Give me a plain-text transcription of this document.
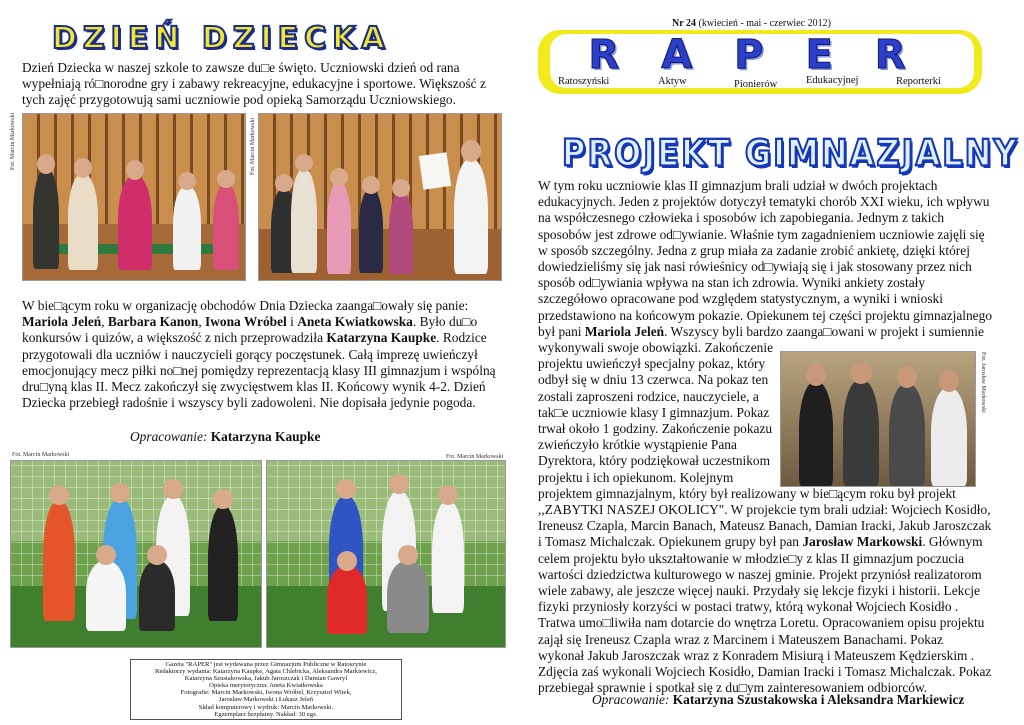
DZIEŃ DZIECKA
Dzień Dziecka w naszej szkole to zawsze du□e święto. Uczniowski dzień od rana wypełniają ró□norodne gry i zabawy rekreacyjne, edukacyjne i sportowe. Większość z tych zajęć przygotowują sami uczniowie pod opieką Samorządu Uczniowskiego.
Fot. Marcin Markowski	Fot. Marcin Markowski
W bie□ącym roku w organizację obchodów Dnia Dziecka zaanga□owały się panie: Mariola Jeleń, Barbara Kanon, Iwona Wróbel i Aneta Kwiatkowska. Było du□o konkursów i quizów, a większość z nich przeprowadziła Katarzyna Kaupke. Rodzice przygotowali dla uczniów i nauczycieli gorący poczęstunek. Całą imprezę uwieńczył emocjonujący mecz piłki no□nej pomiędzy reprezentacją klasy III gimnazjum i wspólną dru□yną klas II. Mecz zakończył się zwycięstwem klas II. Końcowy wynik 4-2. Dzień Dziecka przebiegł radośnie i wszyscy byli zadowoleni. Nie dopisała jedynie pogoda.
Opracowanie: Katarzyna Kaupke
Fot. Marcin Markowski	Fot. Marcin Markowski
Gazeta "RAPER" jest wydawana przez Gimnazjum Publiczne w Ratoszynie
Redaktorzy wydania: Katarzyna Kaupke, Agata Chlebicka, Aleksandra Markiewicz,
Katarzyna Szustakowska, Jakub Jaroszczak i Damian Gawryl
Opieka merytoryczna: Aneta Kwiatkowska
Fotografie: Marcin Markowski, Iwona Wróbel, Krzysztof Witek,
Jarosław Markowski i Łukasz Jeleń
Skład komputerowy i wydruk: Marcin Markowski.
Egzemplarz bezpłatny. Nakład: 30 egz.
Nr 24 (kwiecień - mai - czerwiec 2012)
RAPER
Ratoszyński	Aktyw	Pionierów	Edukacyjnej	Reporterki
PROJEKT GIMNAZJALNY
Fot. Jarosław Markowski
W tym roku uczniowie klas II gimnazjum brali udział w dwóch projektach edukacyjnych. Jeden z projektów dotyczył tematyki chorób XXI wieku, ich wpływu na współczesnego człowieka i sposobów ich zapobiegania. Jednym z takich sposobów jest zdrowe od□ywianie. Właśnie tym zagadnieniem uczniowie zajęli się w sposób szczególny. Jedna z grup miała za zadanie zrobić ankietę, dzięki której dowiedzieliśmy się jak nasi rówieśnicy od□ywiają się i jak stosowany przez nich sposób od□ywiania wpływa na stan ich zdrowia. Wyniki ankiety zostały szczegółowo opracowane pod względem statystycznym, a wyniki i wnioski przedstawiono na końcowym pokazie. Opiekunem tej części projektu gimnazjalnego był pani Mariola Jeleń. Wszyscy byli bardzo zaanga□owani w projekt i sumiennie wykonywali swoje obowiązki. Zakończenie projektu uwieńczył specjalny pokaz, który odbył się w dniu 13 czerwca. Na pokaz ten zostali zaproszeni rodzice, nauczyciele, a tak□e uczniowie klasy I gimnazjum. Pokaz trwał około 1 godziny. Zakończenie pokazu zwieńczyło krótkie wystąpienie Pana Dyrektora, który podziękował uczestnikom projektu i ich opiekunom. Kolejnym projektem gimnazjalnym, który był realizowany w bie□ącym roku był projekt ,,ZABYTKI NASZEJ OKOLICY". W projekcie tym brali udział: Wojciech Kosidło, Ireneusz Czapla, Marcin Banach, Mateusz Banach, Damian Iracki, Jakub Jaroszczak i Tomasz Michalczak. Opiekunem grupy był pan Jarosław Markowski. Głównym celem projektu było ukształtowanie w młodzie□y z klas II gimnazjum poczucia wartości dziedzictwa kulturowego w naszej gminie. Projekt przyniósł realizatorom wiele zabawy, ale jeszcze więcej nauki. Przydały się lekcje fizyki i historii. Lekcje fizyki przyniosły korzyści w postaci tratwy, którą wykonał Wojciech Kosidło . Tratwa umo□liwiła nam dotarcie do wnętrza Loretu. Opracowaniem opisu projektu zajął się Ireneusz Czapla wraz z Marcinem i Mateuszem Banachami. Pokaz wykonał Jakub Jaroszczak wraz z Konradem Misiurą i Mateuszem Kędzierskim . Zdjęcia zaś wykonali Wojciech Kosidło, Damian Iracki i Tomasz Michalczak. Pokaz przebiegał sprawnie i spotkał się z du□ym zainteresowaniem odbiorców.
Opracowanie: Katarzyna Szustakowska i Aleksandra Markiewicz
